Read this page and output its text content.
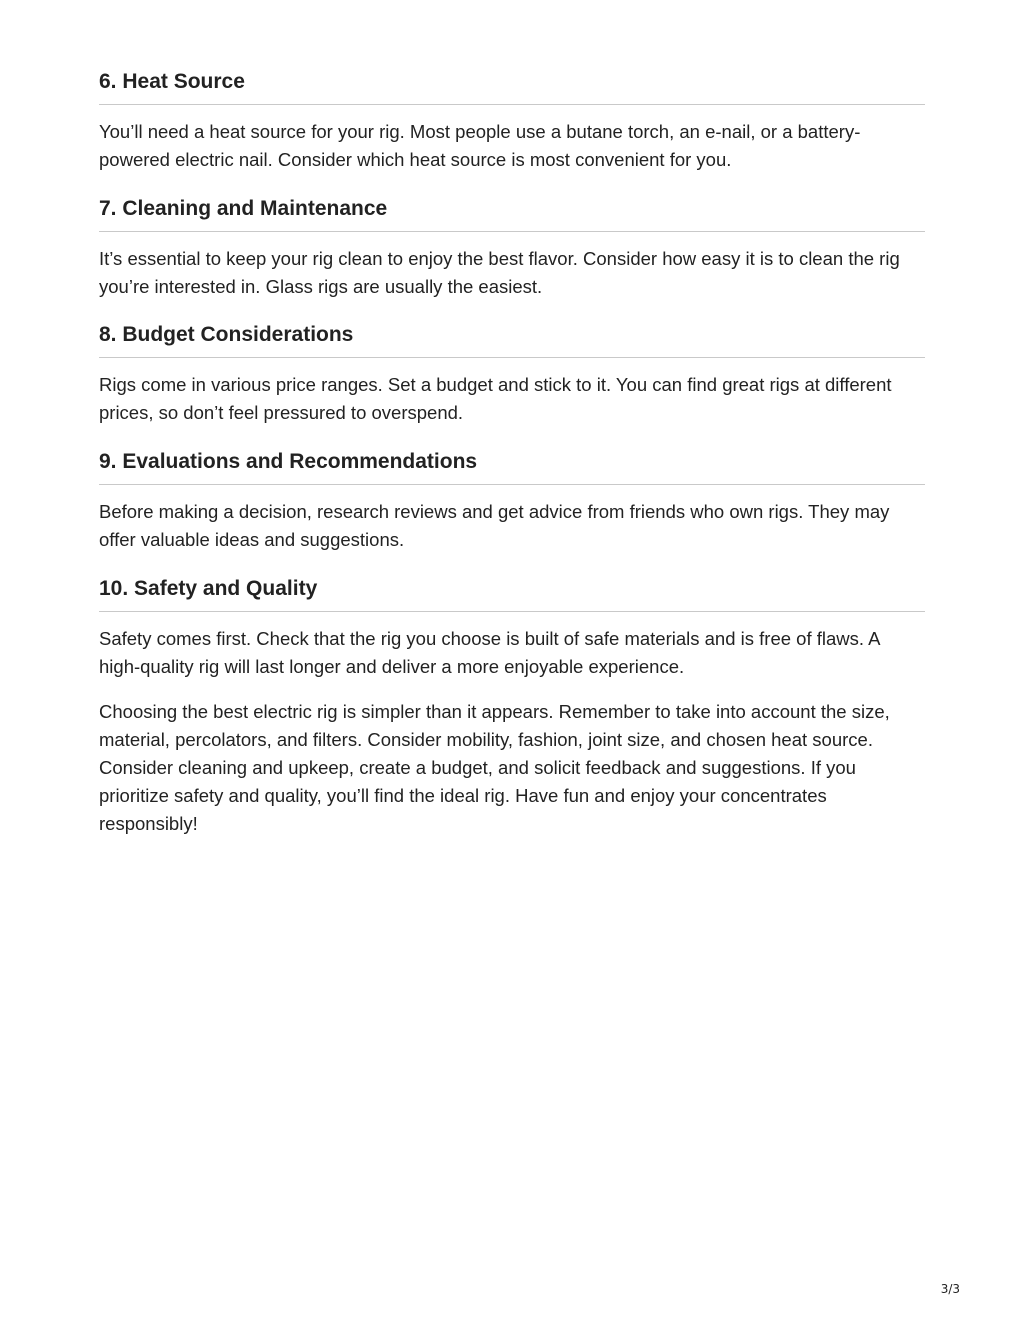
6. Heat Source

You’ll need a heat source for your rig. Most people use a butane torch, an e-nail, or a battery-powered electric nail. Consider which heat source is most convenient for you.

7. Cleaning and Maintenance

It’s essential to keep your rig clean to enjoy the best flavor. Consider how easy it is to clean the rig you’re interested in. Glass rigs are usually the easiest.

8. Budget Considerations

Rigs come in various price ranges. Set a budget and stick to it. You can find great rigs at different prices, so don’t feel pressured to overspend.

9. Evaluations and Recommendations

Before making a decision, research reviews and get advice from friends who own rigs. They may offer valuable ideas and suggestions.

10. Safety and Quality

Safety comes first. Check that the rig you choose is built of safe materials and is free of flaws. A high-quality rig will last longer and deliver a more enjoyable experience.

Choosing the best electric rig is simpler than it appears. Remember to take into account the size, material, percolators, and filters. Consider mobility, fashion, joint size, and chosen heat source. Consider cleaning and upkeep, create a budget, and solicit feedback and suggestions. If you prioritize safety and quality, you’ll find the ideal rig. Have fun and enjoy your concentrates responsibly!

3/3
